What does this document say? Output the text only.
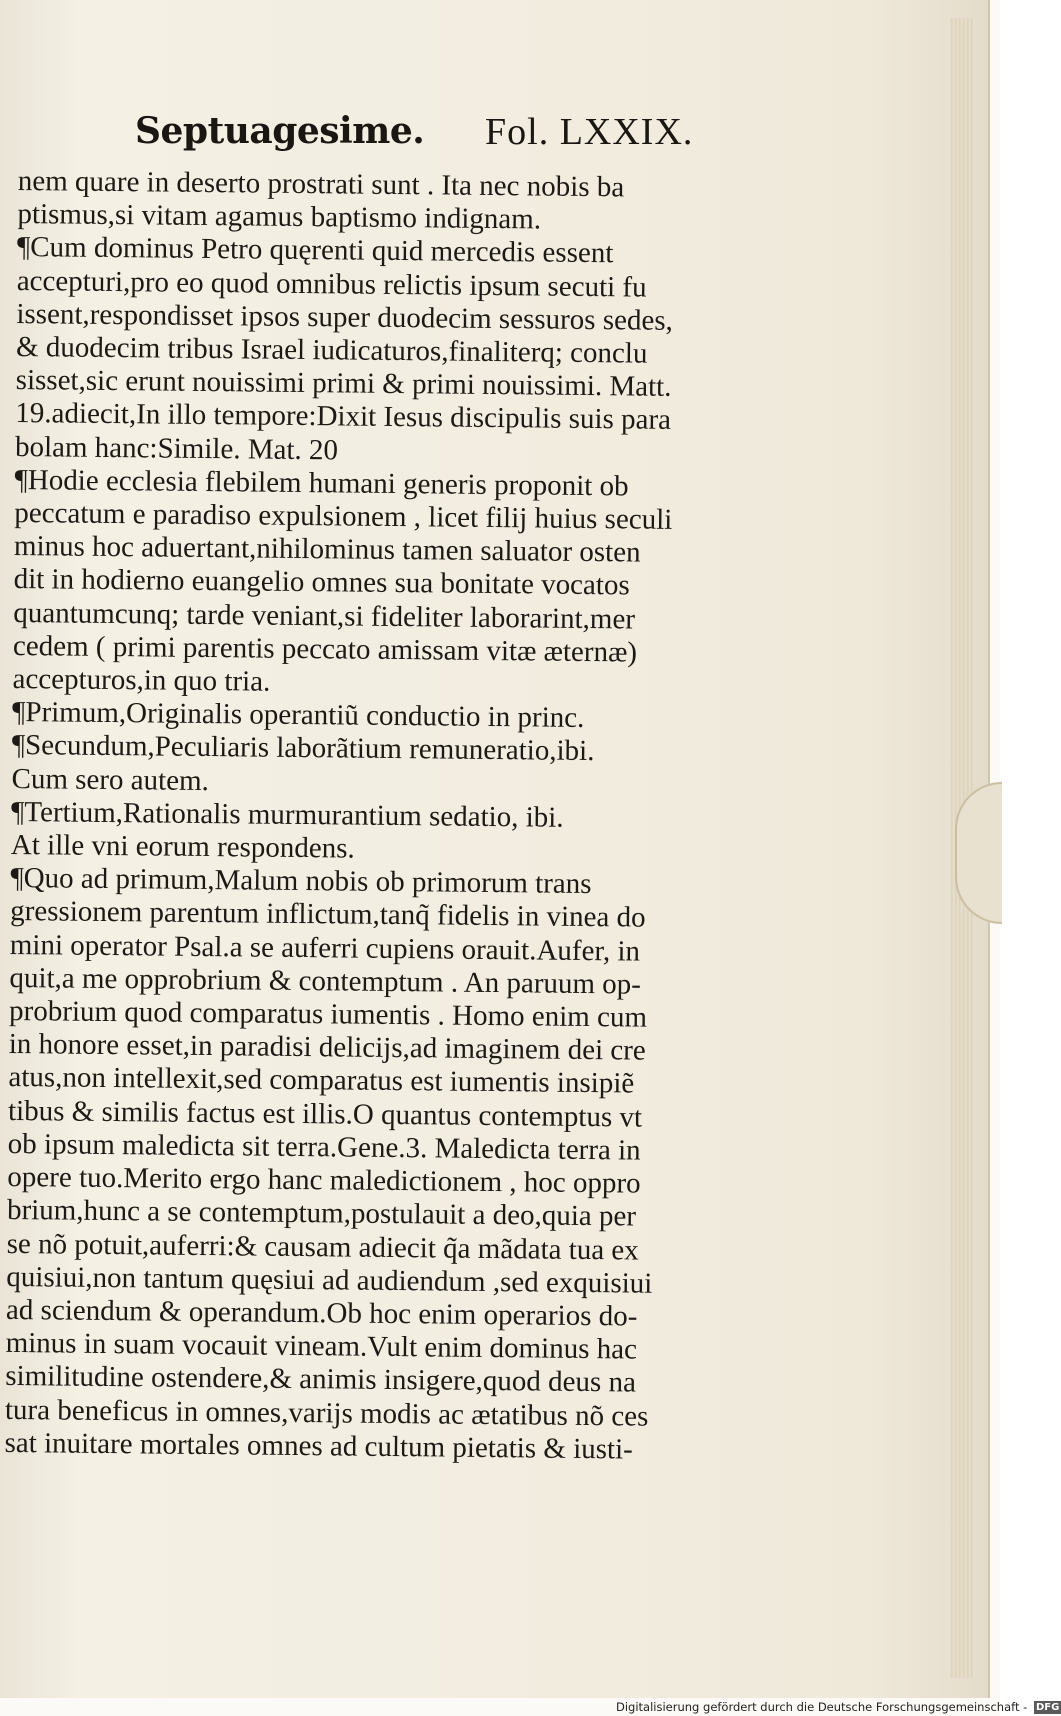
Septuagesime. Fol. LXXIX.
nem quare in deserto prostrati sunt . Ita nec nobis ba
ptismus,si vitam agamus baptismo indignam.
¶Cum dominus Petro quęrenti quid mercedis essent
accepturi,pro eo quod omnibus relictis ipsum secuti fu
issent,respondisset ipsos super duodecim sessuros sedes,
& duodecim tribus Israel iudicaturos,finaliterq; conclu
sisset,sic erunt nouissimi primi & primi nouissimi. Matt.
19.adiecit,In illo tempore:Dixit Iesus discipulis suis para
bolam hanc:Simile. Mat. 20
¶Hodie ecclesia flebilem humani generis proponit ob
peccatum e paradiso expulsionem , licet filij huius seculi
minus hoc aduertant,nihilominus tamen saluator osten
dit in hodierno euangelio omnes sua bonitate vocatos
quantumcunq; tarde veniant,si fideliter laborarint,mer
cedem ( primi parentis peccato amissam vitæ æternæ)
accepturos,in quo tria.
¶Primum,Originalis operantiũ conductio in princ.
¶Secundum,Peculiaris laborãtium remuneratio,ibi.
Cum sero autem.
¶Tertium,Rationalis murmurantium sedatio, ibi.
At ille vni eorum respondens.
¶Quo ad primum,Malum nobis ob primorum trans
gressionem parentum inflictum,tanq̃ fidelis in vinea do
mini operator Psal.a se auferri cupiens orauit.Aufer, in
quit,a me opprobrium & contemptum . An paruum op-
probrium quod comparatus iumentis . Homo enim cum
in honore esset,in paradisi delicijs,ad imaginem dei cre
atus,non intellexit,sed comparatus est iumentis insipiẽ
tibus & similis factus est illis.O quantus contemptus vt
ob ipsum maledicta sit terra.Gene.3. Maledicta terra in
opere tuo.Merito ergo hanc maledictionem , hoc oppro
brium,hunc a se contemptum,postulauit a deo,quia per
se nõ potuit,auferri:& causam adiecit q̃a mãdata tua ex
quisiui,non tantum quęsiui ad audiendum ,sed exquisiui
ad sciendum & operandum.Ob hoc enim operarios do-
minus in suam vocauit vineam.Vult enim dominus hac
similitudine ostendere,& animis insigere,quod deus na
tura beneficus in omnes,varijs modis ac ætatibus nõ ces
sat inuitare mortales omnes ad cultum pietatis & iusti-
Digitalisierung gefördert durch die Deutsche Forschungsgemeinschaft - DFG
